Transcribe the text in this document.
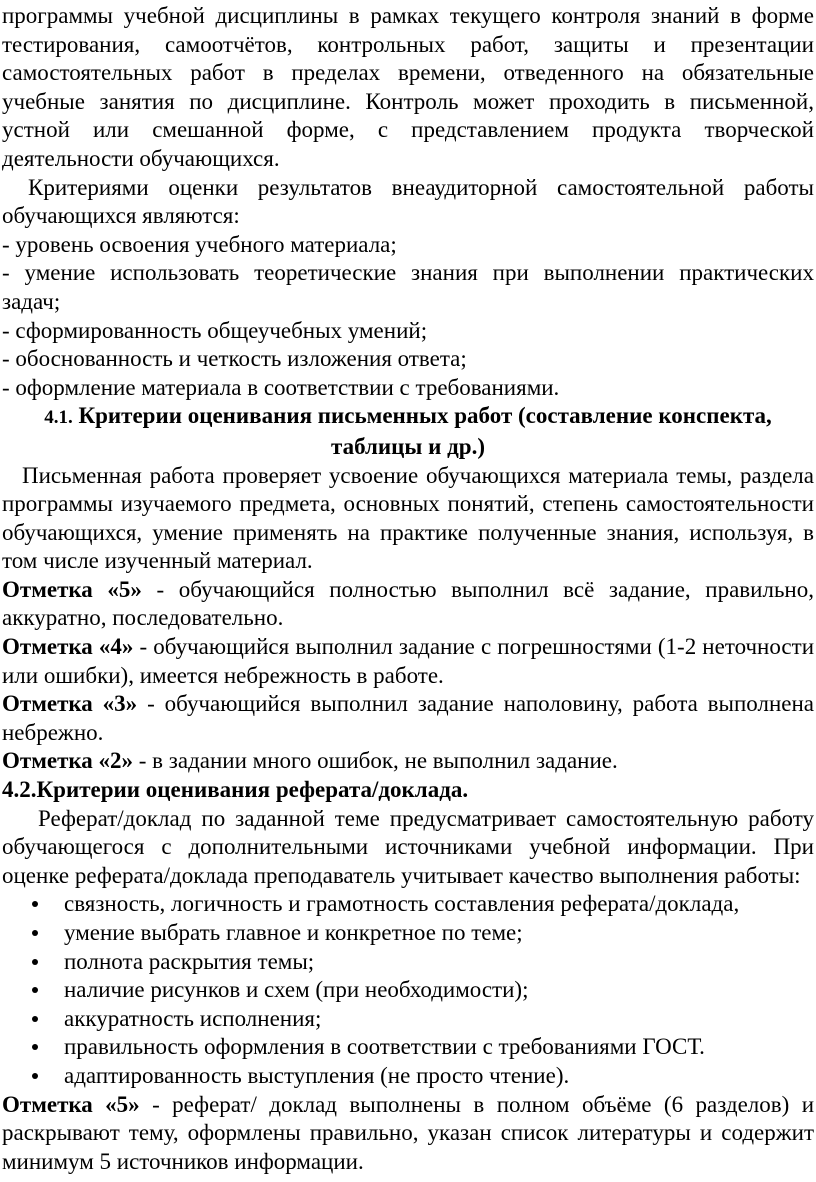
программы учебной дисциплины в рамках текущего контроля знаний в форме тестирования, самоотчётов, контрольных работ, защиты и презентации самостоятельных работ в пределах времени, отведенного на обязательные учебные занятия по дисциплине. Контроль может проходить в письменной, устной или смешанной форме, с представлением продукта творческой деятельности обучающихся.

Критериями оценки результатов внеаудиторной самостоятельной работы обучающихся являются:

- уровень освоения учебного материала;

- умение использовать теоретические знания при выполнении практических задач;

- сформированность общеучебных умений;

- обоснованность и четкость изложения ответа;

- оформление материала в соответствии с требованиями.

4.1. Критерии оценивания письменных работ (составление конспекта, таблицы и др.)

Письменная работа проверяет усвоение обучающихся материала темы, раздела программы изучаемого предмета, основных понятий, степень самостоятельности обучающихся, умение применять на практике полученные знания, используя, в том числе изученный материал.

Отметка «5» - обучающийся полностью выполнил всё задание, правильно, аккуратно, последовательно.

Отметка «4» - обучающийся выполнил задание с погрешностями (1-2 неточности или ошибки), имеется небрежность в работе.

Отметка «3» - обучающийся выполнил задание наполовину, работа выполнена небрежно.

Отметка «2» - в задании много ошибок, не выполнил задание.

4.2.Критерии оценивания реферата/доклада.

Реферат/доклад по заданной теме предусматривает самостоятельную работу обучающегося с дополнительными источниками учебной информации. При оценке реферата/доклада преподаватель учитывает качество выполнения работы:

связность, логичность и грамотность составления реферата/доклада,
умение выбрать главное и конкретное по теме;
полнота раскрытия темы;
наличие рисунков и схем (при необходимости);
аккуратность исполнения;
правильность оформления в соответствии с требованиями ГОСТ.
адаптированность выступления (не просто чтение).

Отметка «5» - реферат/ доклад выполнены в полном объёме (6 разделов) и раскрывают тему, оформлены правильно, указан список литературы и содержит минимум 5 источников информации.
